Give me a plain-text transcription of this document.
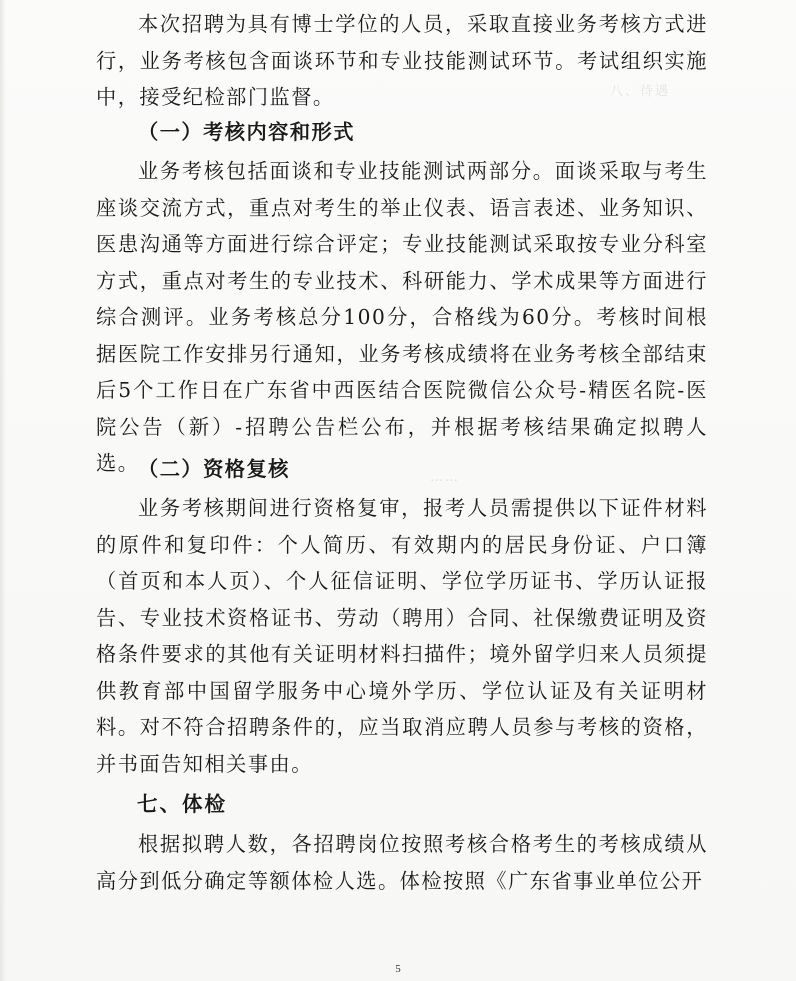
八、待遇
……

本次招聘为具有博士学位的人员，采取直接业务考核方式进行，业务考核包含面谈环节和专业技能测试环节。考试组织实施中，接受纪检部门监督。

（一）考核内容和形式

业务考核包括面谈和专业技能测试两部分。面谈采取与考生座谈交流方式，重点对考生的举止仪表、语言表述、业务知识、医患沟通等方面进行综合评定；专业技能测试采取按专业分科室方式，重点对考生的专业技术、科研能力、学术成果等方面进行综合测评。业务考核总分100分，合格线为60分。考核时间根据医院工作安排另行通知，业务考核成绩将在业务考核全部结束后5个工作日在广东省中西医结合医院微信公众号-精医名院-医院公告（新）-招聘公告栏公布，并根据考核结果确定拟聘人选。

（二）资格复核

业务考核期间进行资格复审，报考人员需提供以下证件材料的原件和复印件：个人简历、有效期内的居民身份证、户口簿（首页和本人页）、个人征信证明、学位学历证书、学历认证报告、专业技术资格证书、劳动（聘用）合同、社保缴费证明及资格条件要求的其他有关证明材料扫描件；境外留学归来人员须提供教育部中国留学服务中心境外学历、学位认证及有关证明材料。对不符合招聘条件的，应当取消应聘人员参与考核的资格，并书面告知相关事由。

七、体检

根据拟聘人数，各招聘岗位按照考核合格考生的考核成绩从高分到低分确定等额体检人选。体检按照《广东省事业单位公开

5
